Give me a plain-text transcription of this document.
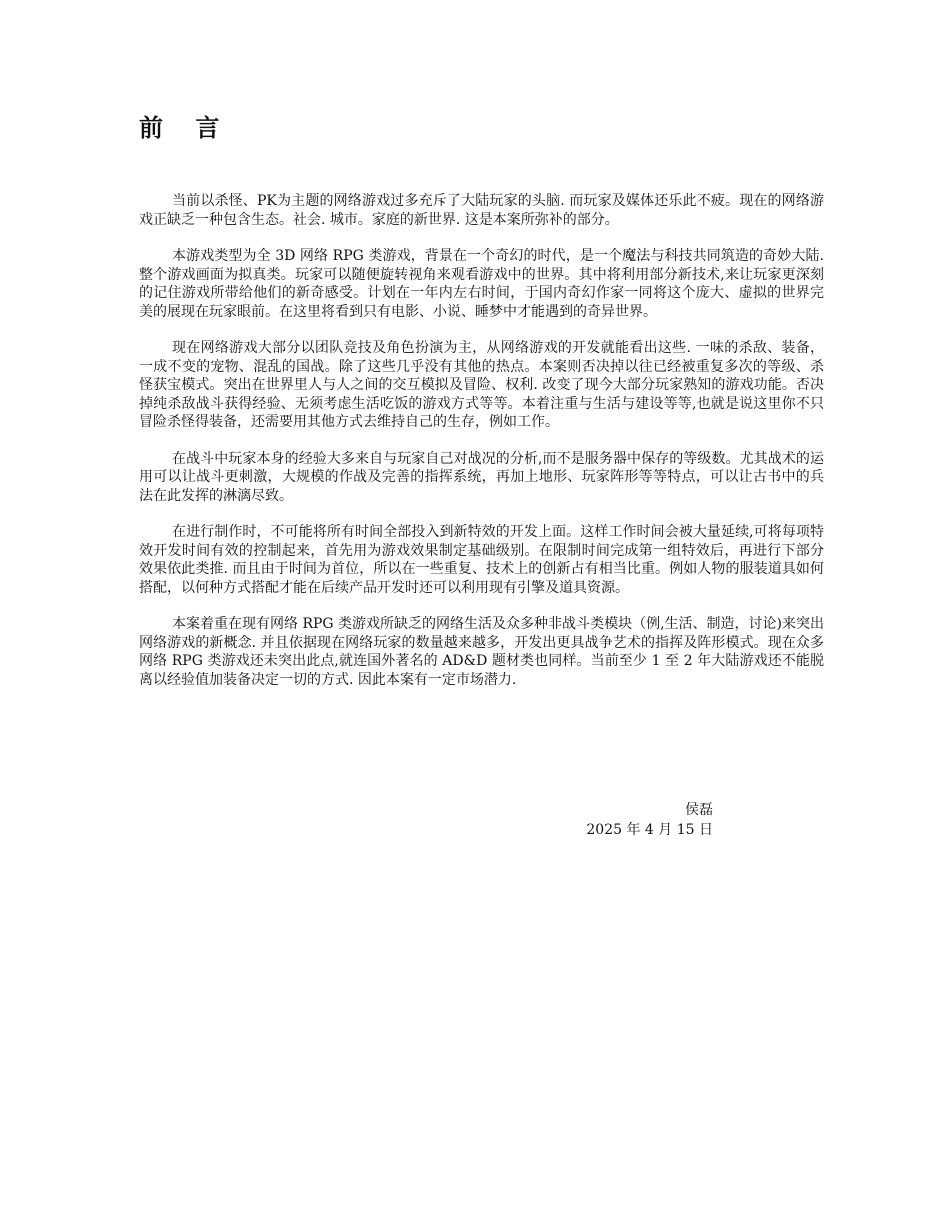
前 言

当前以杀怪、PK为主题的网络游戏过多充斥了大陆玩家的头脑. 而玩家及媒体还乐此不疲。现在的网络游戏正缺乏一种包含生态。社会. 城市。家庭的新世界. 这是本案所弥补的部分。

本游戏类型为全 3D 网络 RPG 类游戏，背景在一个奇幻的时代，是一个魔法与科技共同筑造的奇妙大陆. 整个游戏画面为拟真类。玩家可以随便旋转视角来观看游戏中的世界。其中将利用部分新技术,来让玩家更深刻的记住游戏所带给他们的新奇感受。计划在一年内左右时间，于国内奇幻作家一同将这个庞大、虚拟的世界完美的展现在玩家眼前。在这里将看到只有电影、小说、睡梦中才能遇到的奇异世界。

现在网络游戏大部分以团队竞技及角色扮演为主，从网络游戏的开发就能看出这些. 一味的杀敌、装备，一成不变的宠物、混乱的国战。除了这些几乎没有其他的热点。本案则否决掉以往已经被重复多次的等级、杀怪获宝模式。突出在世界里人与人之间的交互模拟及冒险、权利. 改变了现今大部分玩家熟知的游戏功能。否决掉纯杀敌战斗获得经验、无须考虑生活吃饭的游戏方式等等。本着注重与生活与建设等等,也就是说这里你不只冒险杀怪得装备，还需要用其他方式去维持自己的生存，例如工作。

在战斗中玩家本身的经验大多来自与玩家自己对战况的分析,而不是服务器中保存的等级数。尤其战术的运用可以让战斗更刺激，大规模的作战及完善的指挥系统，再加上地形、玩家阵形等等特点，可以让古书中的兵法在此发挥的淋漓尽致。

在进行制作时，不可能将所有时间全部投入到新特效的开发上面。这样工作时间会被大量延续,可将每项特效开发时间有效的控制起来，首先用为游戏效果制定基础级别。在限制时间完成第一组特效后，再进行下部分效果依此类推. 而且由于时间为首位，所以在一些重复、技术上的创新占有相当比重。例如人物的服装道具如何搭配，以何种方式搭配才能在后续产品开发时还可以利用现有引擎及道具资源。

本案着重在现有网络 RPG 类游戏所缺乏的网络生活及众多种非战斗类模块（例,生活、制造，讨论)来突出网络游戏的新概念. 并且依据现在网络玩家的数量越来越多，开发出更具战争艺术的指挥及阵形模式。现在众多网络 RPG 类游戏还未突出此点,就连国外著名的 AD&D 题材类也同样。当前至少 1 至 2 年大陆游戏还不能脱离以经验值加装备决定一切的方式. 因此本案有一定市场潜力.

侯磊
2025 年 4 月 15 日
